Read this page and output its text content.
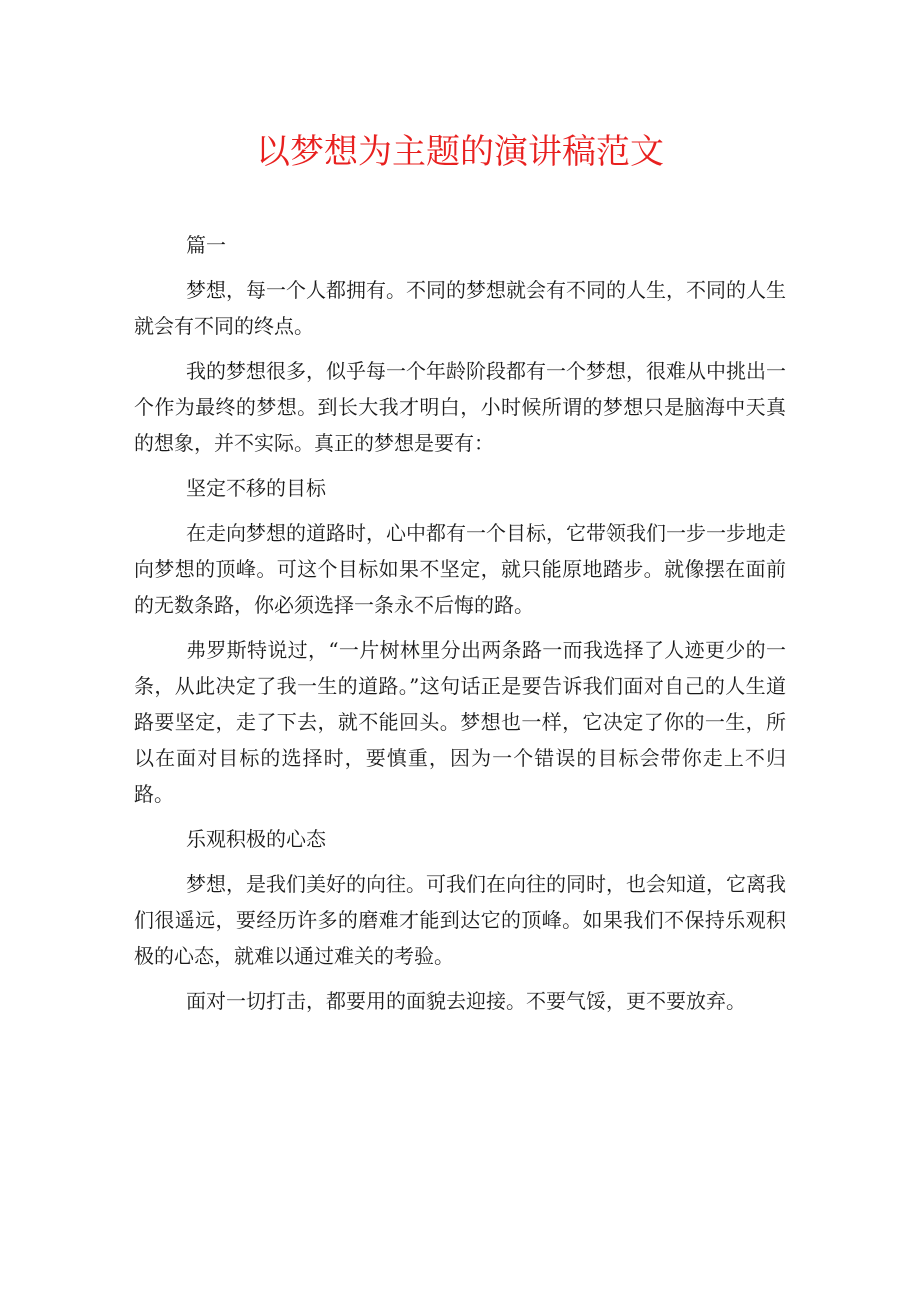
以梦想为主题的演讲稿范文

篇一

梦想，每一个人都拥有。不同的梦想就会有不同的人生，不同的人生就会有不同的终点。

我的梦想很多，似乎每一个年龄阶段都有一个梦想，很难从中挑出一个作为最终的梦想。到长大我才明白，小时候所谓的梦想只是脑海中天真的想象，并不实际。真正的梦想是要有：

坚定不移的目标

在走向梦想的道路时，心中都有一个目标，它带领我们一步一步地走向梦想的顶峰。可这个目标如果不坚定，就只能原地踏步。就像摆在面前的无数条路，你必须选择一条永不后悔的路。

弗罗斯特说过，“一片树林里分出两条路一而我选择了人迹更少的一条，从此决定了我一生的道路。”这句话正是要告诉我们面对自己的人生道路要坚定，走了下去，就不能回头。梦想也一样，它决定了你的一生，所以在面对目标的选择时，要慎重，因为一个错误的目标会带你走上不归路。

乐观积极的心态

梦想，是我们美好的向往。可我们在向往的同时，也会知道，它离我们很遥远，要经历许多的磨难才能到达它的顶峰。如果我们不保持乐观积极的心态，就难以通过难关的考验。

面对一切打击，都要用的面貌去迎接。不要气馁，更不要放弃。
